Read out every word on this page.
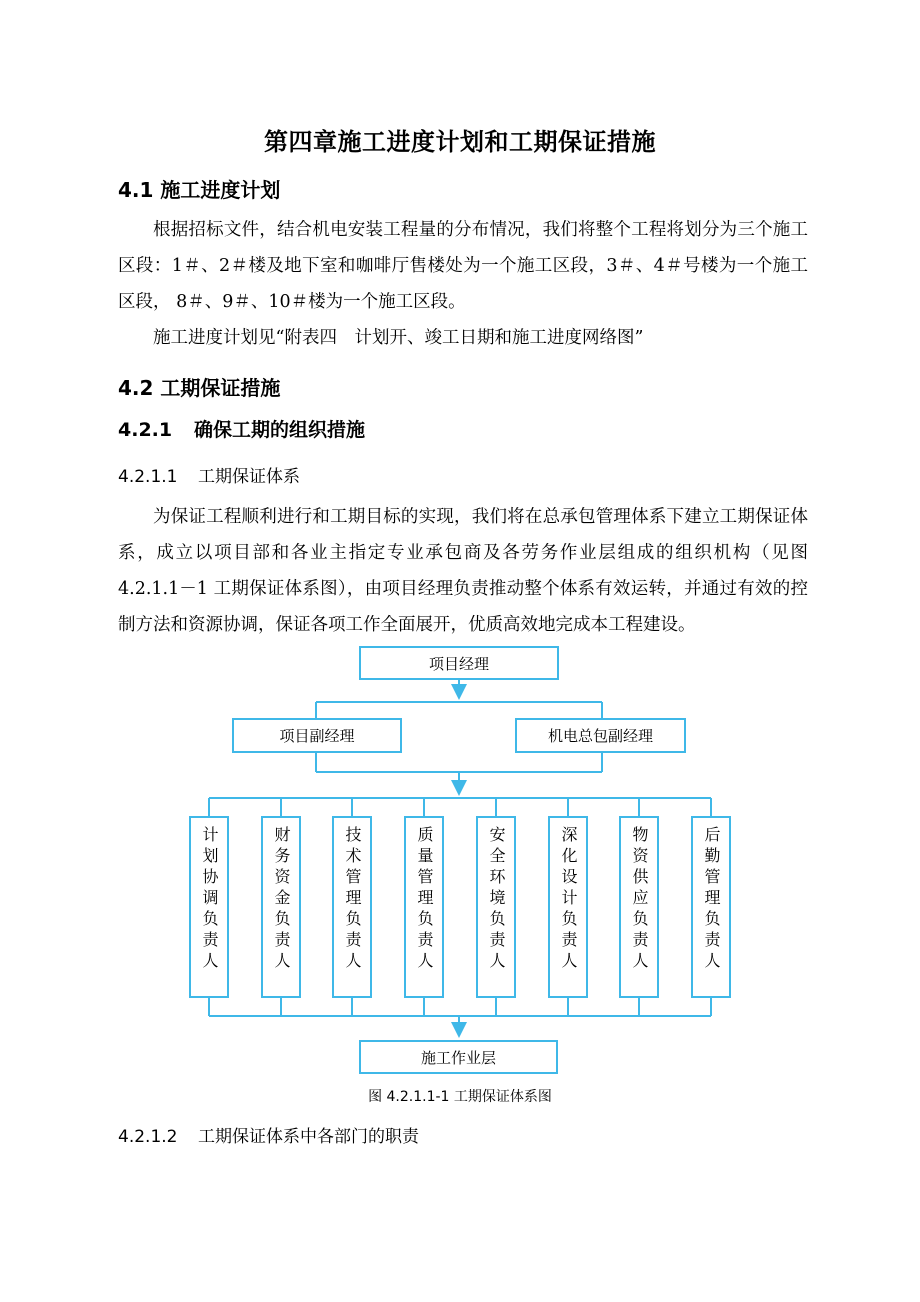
第四章施工进度计划和工期保证措施
4.1 施工进度计划

根据招标文件，结合机电安装工程量的分布情况，我们将整个工程将划分为三个施工区段：1＃、2＃楼及地下室和咖啡厅售楼处为一个施工区段，3＃、4＃号楼为一个施工区段， 8＃、9＃、10＃楼为一个施工区段。

施工进度计划见“附表四　计划开、竣工日期和施工进度网络图”

4.2 工期保证措施
4.2.1 确保工期的组织措施
4.2.1.1 工期保证体系

为保证工程顺利进行和工期目标的实现，我们将在总承包管理体系下建立工期保证体系，成立以项目部和各业主指定专业承包商及各劳务作业层组成的组织机构（见图 4.2.1.1－1 工期保证体系图），由项目经理负责推动整个体系有效运转，并通过有效的控制方法和资源协调，保证各项工作全面展开，优质高效地完成本工程建设。

项目经理
项目副经理	机电总包副经理
计划协调负责人	财务资金负责人	技术管理负责人	质量管理负责人	安全环境负责人	深化设计负责人	物资供应负责人	后勤管理负责人
施工作业层
图 4.2.1.1-1 工期保证体系图
4.2.1.2 工期保证体系中各部门的职责
